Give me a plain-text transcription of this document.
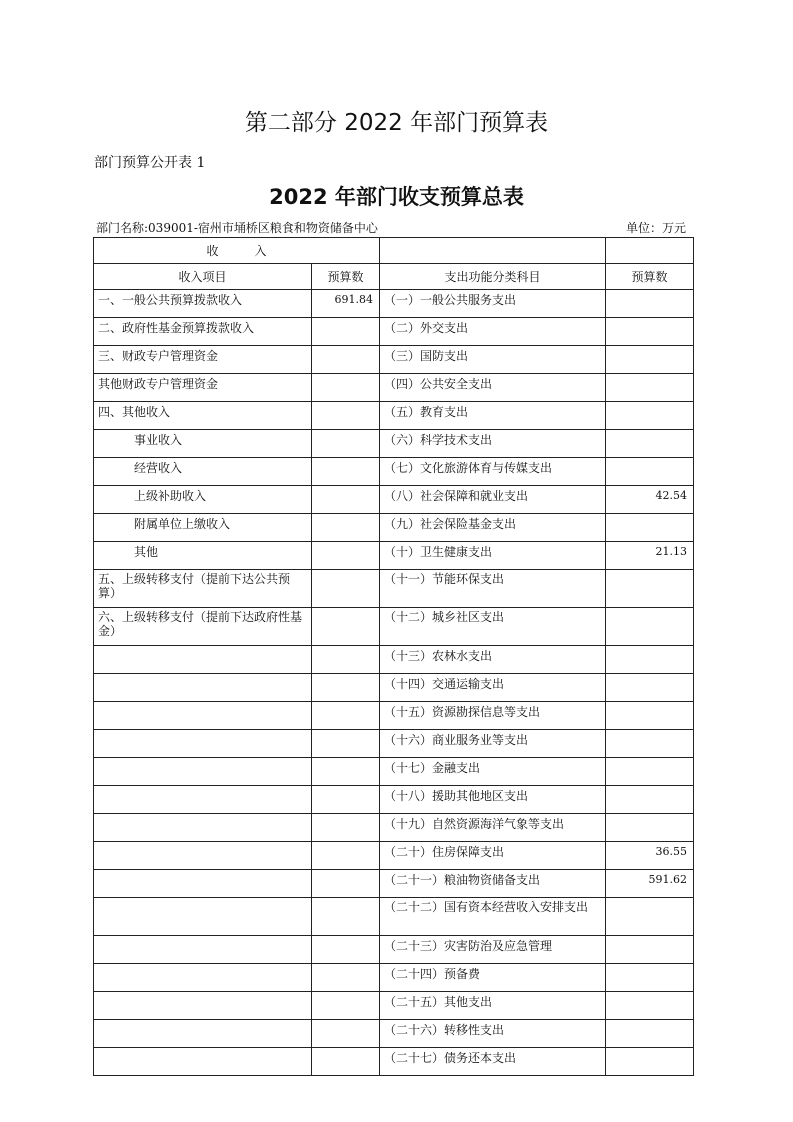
第二部分 2022 年部门预算表
部门预算公开表 1
2022 年部门收支预算总表
部门名称:039001-宿州市埇桥区粮食和物资储备中心	单位：万元
收　　　入			
收入项目	预算数	支出功能分类科目	预算数
一、一般公共预算拨款收入	691.84	（一）一般公共服务支出	
二、政府性基金预算拨款收入		（二）外交支出	
三、财政专户管理资金		（三）国防支出	
其他财政专户管理资金		（四）公共安全支出	
四、其他收入		（五）教育支出	
事业收入		（六）科学技术支出	
经营收入		（七）文化旅游体育与传媒支出	
上级补助收入		（八）社会保障和就业支出	42.54
附属单位上缴收入		（九）社会保险基金支出	
其他		（十）卫生健康支出	21.13
五、上级转移支付（提前下达公共预算）		（十一）节能环保支出	
六、上级转移支付（提前下达政府性基金）		（十二）城乡社区支出	
		（十三）农林水支出	
		（十四）交通运输支出	
		（十五）资源勘探信息等支出	
		（十六）商业服务业等支出	
		（十七）金融支出	
		（十八）援助其他地区支出	
		（十九）自然资源海洋气象等支出	
		（二十）住房保障支出	36.55
		（二十一）粮油物资储备支出	591.62
		（二十二）国有资本经营收入安排支出	
		（二十三）灾害防治及应急管理	
		（二十四）预备费	
		（二十五）其他支出	
		（二十六）转移性支出	
		（二十七）债务还本支出	
